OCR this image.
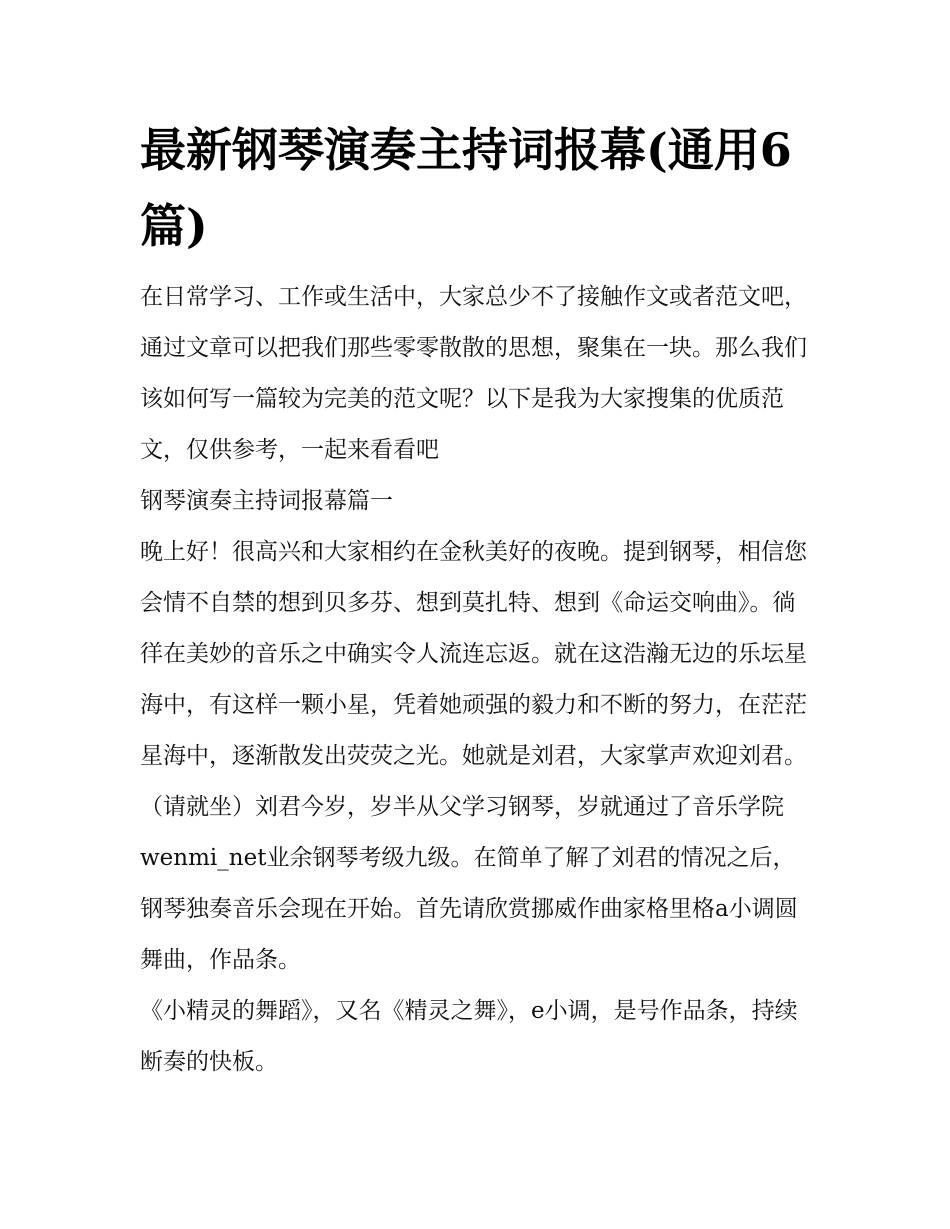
最新钢琴演奏主持词报幕(通用6篇)

在日常学习、工作或生活中，大家总少不了接触作文或者范文吧，通过文章可以把我们那些零零散散的思想，聚集在一块。那么我们该如何写一篇较为完美的范文呢？以下是我为大家搜集的优质范文，仅供参考，一起来看看吧

钢琴演奏主持词报幕篇一

晚上好！很高兴和大家相约在金秋美好的夜晚。提到钢琴，相信您会情不自禁的想到贝多芬、想到莫扎特、想到《命运交响曲》。徜徉在美妙的音乐之中确实令人流连忘返。就在这浩瀚无边的乐坛星海中，有这样一颗小星，凭着她顽强的毅力和不断的努力，在茫茫星海中，逐渐散发出荧荧之光。她就是刘君，大家掌声欢迎刘君。（请就坐）刘君今岁，岁半从父学习钢琴，岁就通过了音乐学院wenmi_net业余钢琴考级九级。在简单了解了刘君的情况之后，钢琴独奏音乐会现在开始。首先请欣赏挪威作曲家格里格a小调圆舞曲，作品条。

《小精灵的舞蹈》，又名《精灵之舞》，e小调，是号作品条，持续断奏的快板。
